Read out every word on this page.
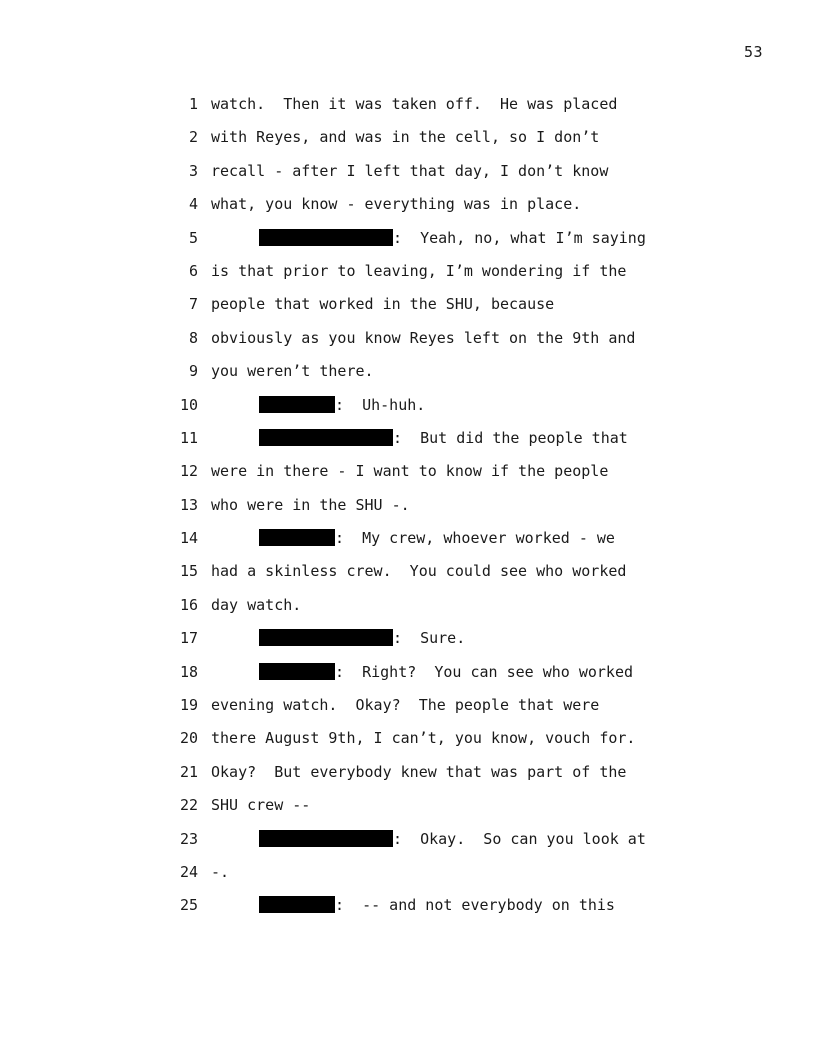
53
1 watch.  Then it was taken off.  He was placed
2 with Reyes, and was in the cell, so I don’t
3 recall - after I left that day, I don’t know
4 what, you know - everything was in place.
5	:  Yeah, no, what I’m saying
6 is that prior to leaving, I’m wondering if the
7 people that worked in the SHU, because
8 obviously as you know Reyes left on the 9th and
9 you weren’t there.
10	:  Uh-huh.
11	:  But did the people that
12 were in there - I want to know if the people
13 who were in the SHU -.
14	:  My crew, whoever worked - we
15 had a skinless crew.  You could see who worked
16 day watch.
17	:  Sure.
18	:  Right?  You can see who worked
19 evening watch.  Okay?  The people that were
20 there August 9th, I can’t, you know, vouch for.
21 Okay?  But everybody knew that was part of the
22 SHU crew --
23	:  Okay.  So can you look at
24 -.
25	:  -- and not everybody on this
